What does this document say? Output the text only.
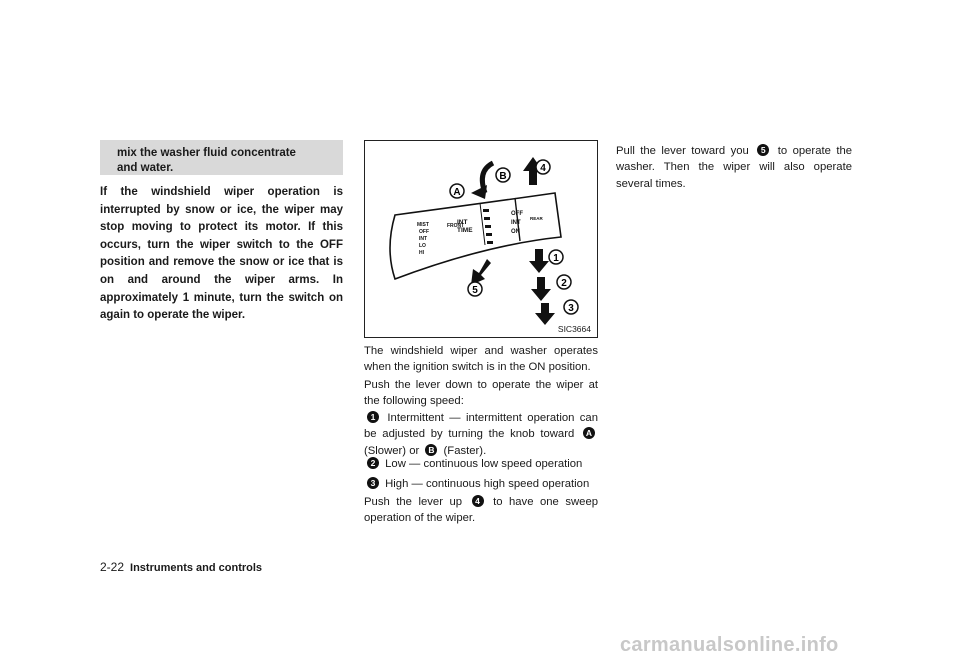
mix the washer fluid concentrate
and water.
If the windshield wiper operation is interrupted by snow or ice, the wiper may stop moving to protect its motor. If this occurs, turn the wiper switch to the OFF position and remove the snow or ice that is on and around the wiper arms. In approximately 1 minute, turn the switch on again to operate the wiper.
MIST
OFF
INT
LO
HI
FRONT
INT
TIME
OFF
INT
ON
REAR
A
B
1
2
3
4
5
SIC3664
The windshield wiper and washer operates when the ignition switch is in the ON position.
Push the lever down to operate the wiper at the following speed:
1 Intermittent — intermittent operation can be adjusted by turning the knob toward A (Slower) or B (Faster).
2 Low — continuous low speed operation
3 High — continuous high speed operation
Push the lever up 4 to have one sweep operation of the wiper.
Pull the lever toward you 5 to operate the washer. Then the wiper will also operate several times.
2-22 Instruments and controls
carmanualsonline.info
